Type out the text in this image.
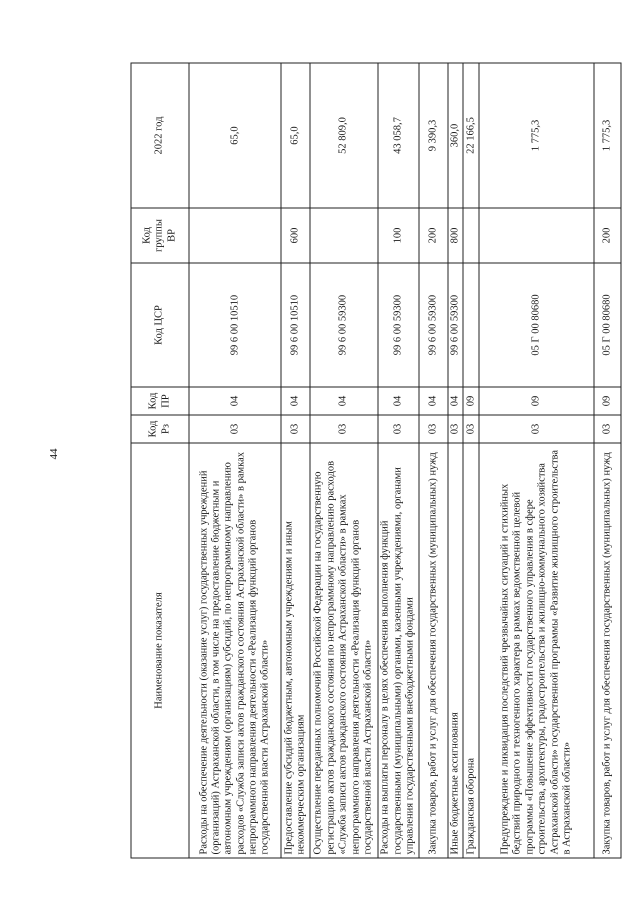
44
Наименование показателя	Код Рз	Код ПР	Код ЦСР	Код группы ВР	2022 год
Расходы на обеспечение деятельности (оказание услуг) государственных учреждений (организаций) Астраханской области, в том числе на предоставление бюджетным и автономным учреждениям (организациям) субсидий, по непрограммному направлению расходов «Служба записи актов гражданского состояния Астраханской области» в рамках непрограммного направления деятельности «Реализация функций органов государственной власти Астраханской области»	03	04	99 6 00 10510		65,0
Предоставление субсидий бюджетным, автономным учреждениям и иным некоммерческим организациям	03	04	99 6 00 10510	600	65,0
Осуществление переданных полномочий Российской Федерации на государственную регистрацию актов гражданского состояния по непрограммному направлению расходов «Служба записи актов гражданского состояния Астраханской области» в рамках непрограммного направления деятельности «Реализация функций органов государственной власти Астраханской области»	03	04	99 6 00 59300		52 809,0
Расходы на выплаты персоналу в целях обеспечения выполнения функций государственными (муниципальными) органами, казенными учреждениями, органами управления государственными внебюджетными фондами	03	04	99 6 00 59300	100	43 058,7
Закупка товаров, работ и услуг для обеспечения государственных (муниципальных) нужд	03	04	99 6 00 59300	200	9 390,3
Иные бюджетные ассигнования	03	04	99 6 00 59300	800	360,0
Гражданская оборона	03	09			22 166,5
Предупреждение и ликвидация последствий чрезвычайных ситуаций и стихийных бедствий природного и техногенного характера в рамках ведомственной целевой программы «Повышение эффективности государственного управления в сфере строительства, архитектуры, градостроительства и жилищно-коммунального хозяйства Астраханской области» государственной программы «Развитие жилищного строительства в Астраханской области»	03	09	05 Г 00 80680		1 775,3
Закупка товаров, работ и услуг для обеспечения государственных (муниципальных) нужд	03	09	05 Г 00 80680	200	1 775,3
